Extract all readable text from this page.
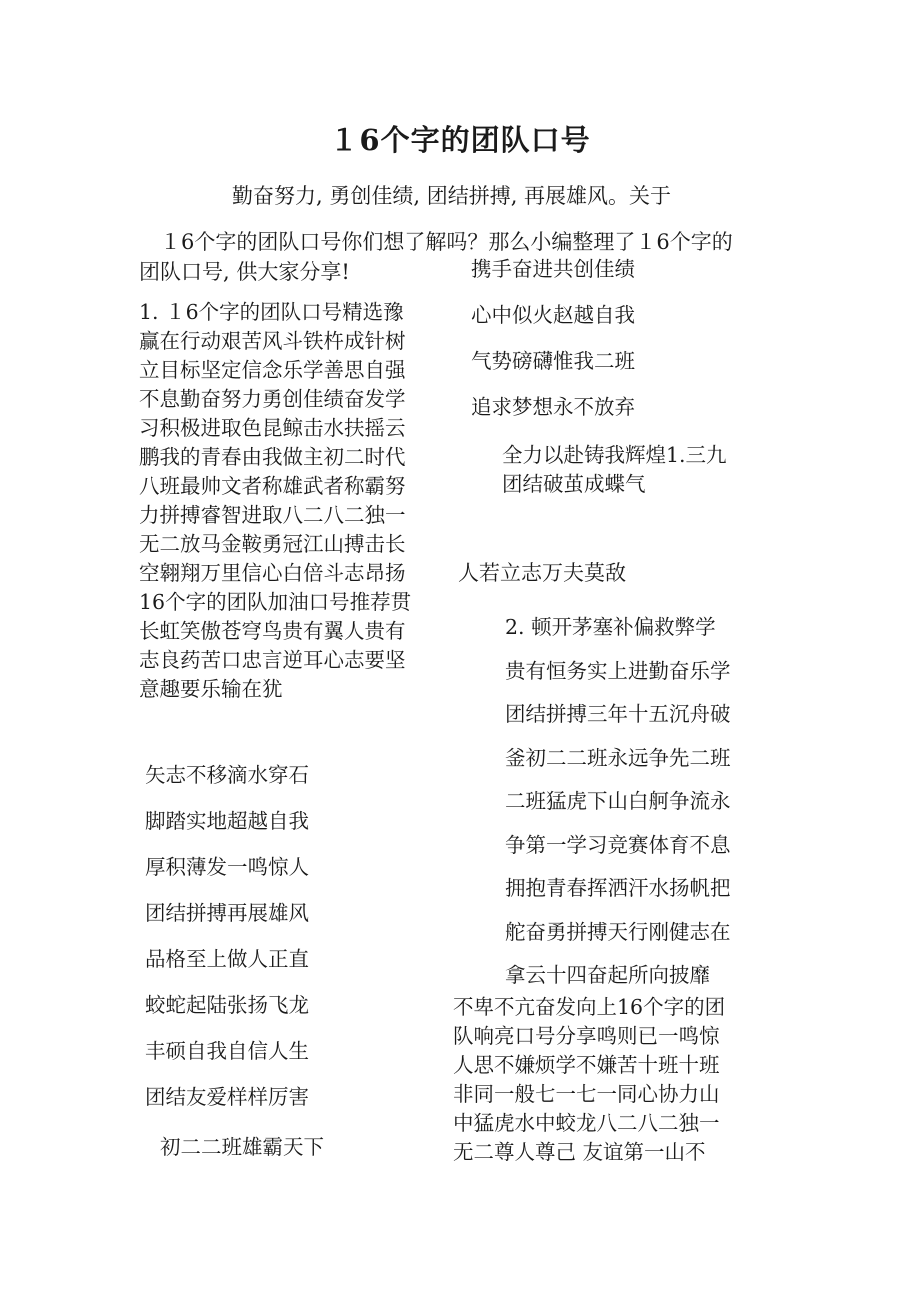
１6个字的团队口号

勤奋努力, 勇创佳绩, 团结拼搏, 再展雄风。关于

１6个字的团队口号你们想了解吗？那么小编整理了１6个字的

团队口号, 供大家分享!

1. １6个字的团队口号精选豫
赢在行动艰苦风斗铁杵成针树
立目标坚定信念乐学善思自强
不息勤奋努力勇创佳绩奋发学
习积极进取色昆鲸击水扶摇云
鹏我的青春由我做主初二时代
八班最帅文者称雄武者称霸努
力拼搏睿智进取八二八二独一
无二放马金鞍勇冠江山搏击长
空翱翔万里信心白倍斗志昂扬
16个字的团队加油口号推荐贯
长虹笑傲苍穹鸟贵有翼人贵有
志良药苦口忠言逆耳心志要坚
意趣要乐输在犹
矢志不移滴水穿石
脚踏实地超越自我
厚积薄发一鸣惊人
团结拼搏再展雄风
品格至上做人正直
蛟蛇起陆张扬飞龙
丰硕自我自信人生
团结友爱样样厉害

初二二班雄霸天下

携手奋进共创佳绩
心中似火赵越自我
气势磅礴惟我二班
追求梦想永不放弃
全力以赴铸我辉煌1.三九
团结破茧成蝶气

人若立志万夫莫敌

2. 顿开茅塞补偏救弊学
贵有恒务实上进勤奋乐学
团结拼搏三年十五沉舟破
釜初二二班永远争先二班
二班猛虎下山白舸争流永
争第一学习竞赛体育不息
拥抱青春挥洒汗水扬帆把
舵奋勇拼搏天行刚健志在
拿云十四奋起所向披靡
不卑不亢奋发向上16个字的团
队响亮口号分享鸣则已一鸣惊
人思不嫌烦学不嫌苦十班十班
非同一般七一七一同心协力山
中猛虎水中蛟龙八二八二独一
无二尊人尊己 友谊第一山不
